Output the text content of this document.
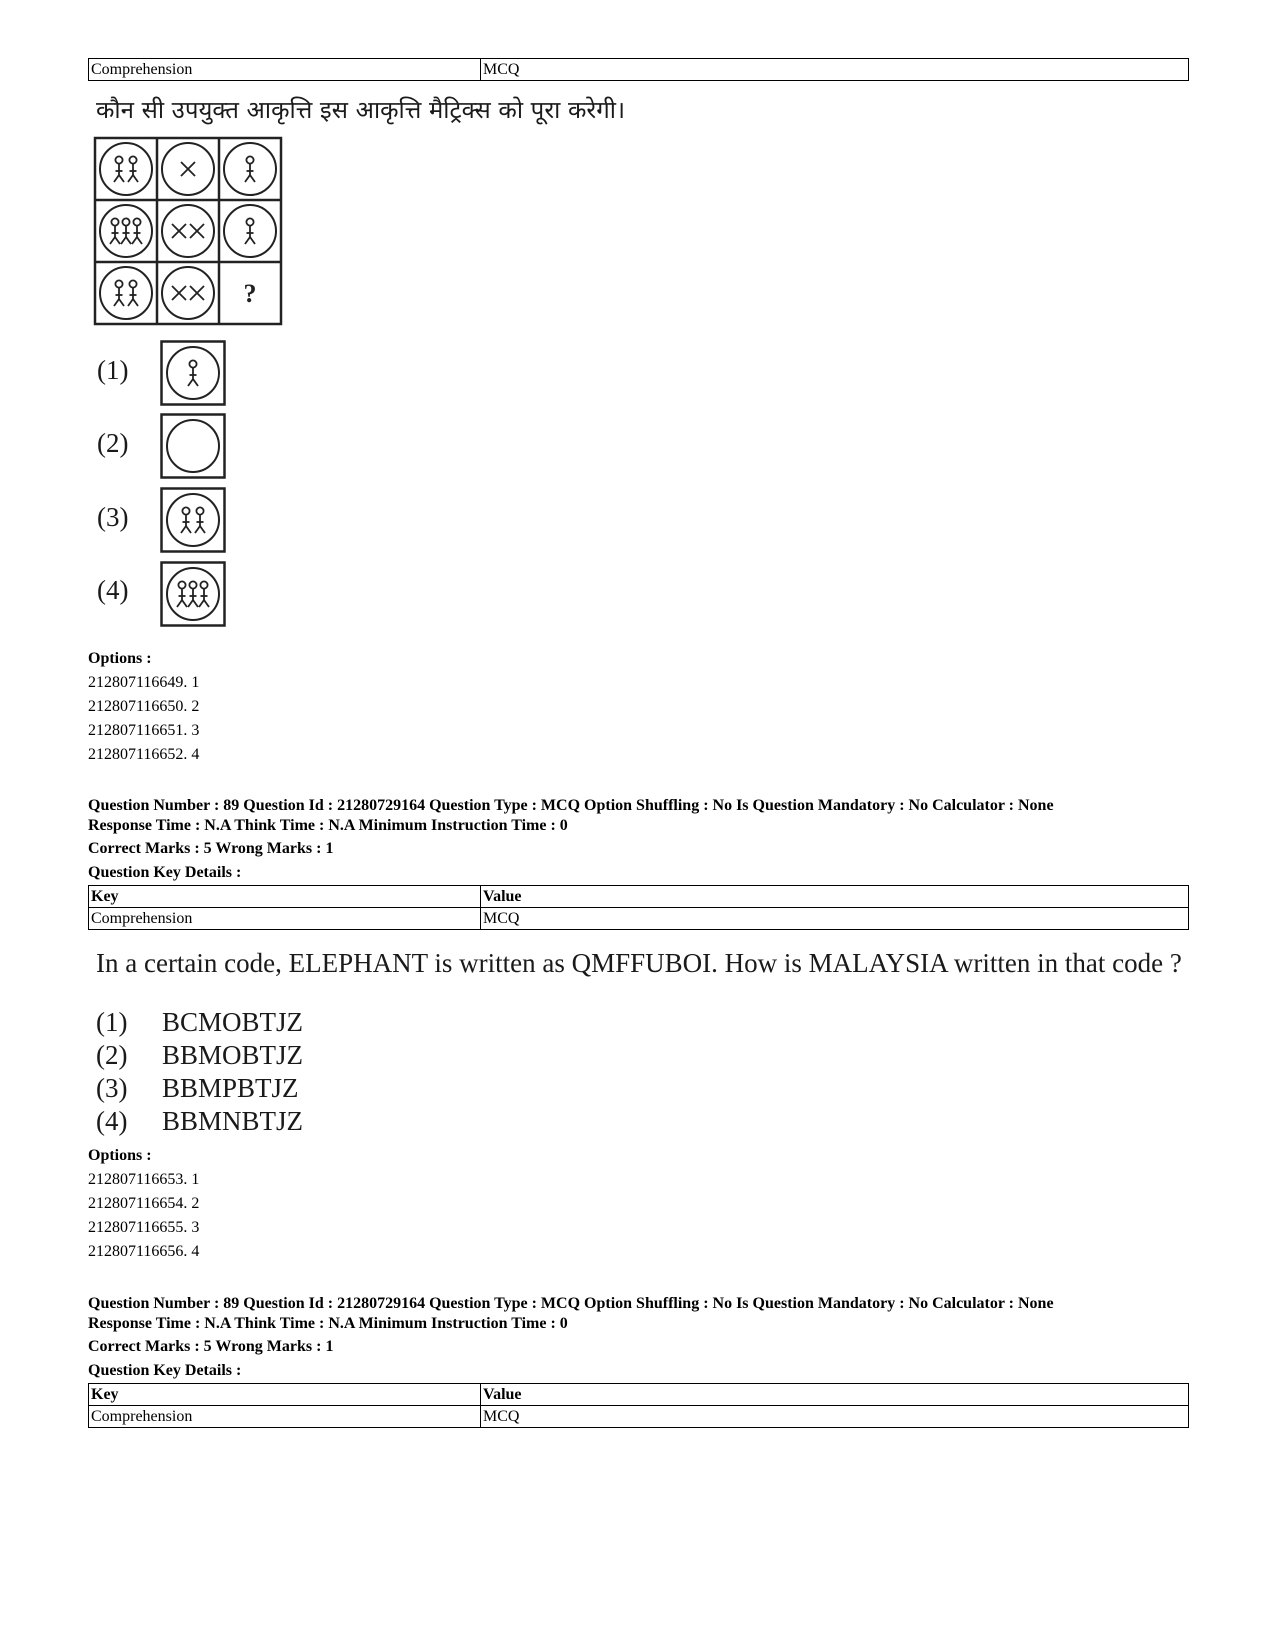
Comprehension	MCQ
कौन सी उपयुक्त आकृत्ति इस आकृत्ति मैट्रिक्स को पूरा करेगी।
?
(1)
(2)
(3)
(4)
Options :
212807116649. 1
212807116650. 2
212807116651. 3
212807116652. 4
Question Number : 89 Question Id : 21280729164 Question Type : MCQ Option Shuffling : No Is Question Mandatory : No Calculator : None
Response Time : N.A Think Time : N.A Minimum Instruction Time : 0
Correct Marks : 5 Wrong Marks : 1
Question Key Details :
Key	Value
Comprehension	MCQ
In a certain code, ELEPHANT is written as QMFFUBOI. How is MALAYSIA written in that code ?
(1) BCMOBTJZ
(2) BBMOBTJZ
(3) BBMPBTJZ
(4) BBMNBTJZ
Options :
212807116653. 1
212807116654. 2
212807116655. 3
212807116656. 4
Question Number : 89 Question Id : 21280729164 Question Type : MCQ Option Shuffling : No Is Question Mandatory : No Calculator : None
Response Time : N.A Think Time : N.A Minimum Instruction Time : 0
Correct Marks : 5 Wrong Marks : 1
Question Key Details :
Key	Value
Comprehension	MCQ
